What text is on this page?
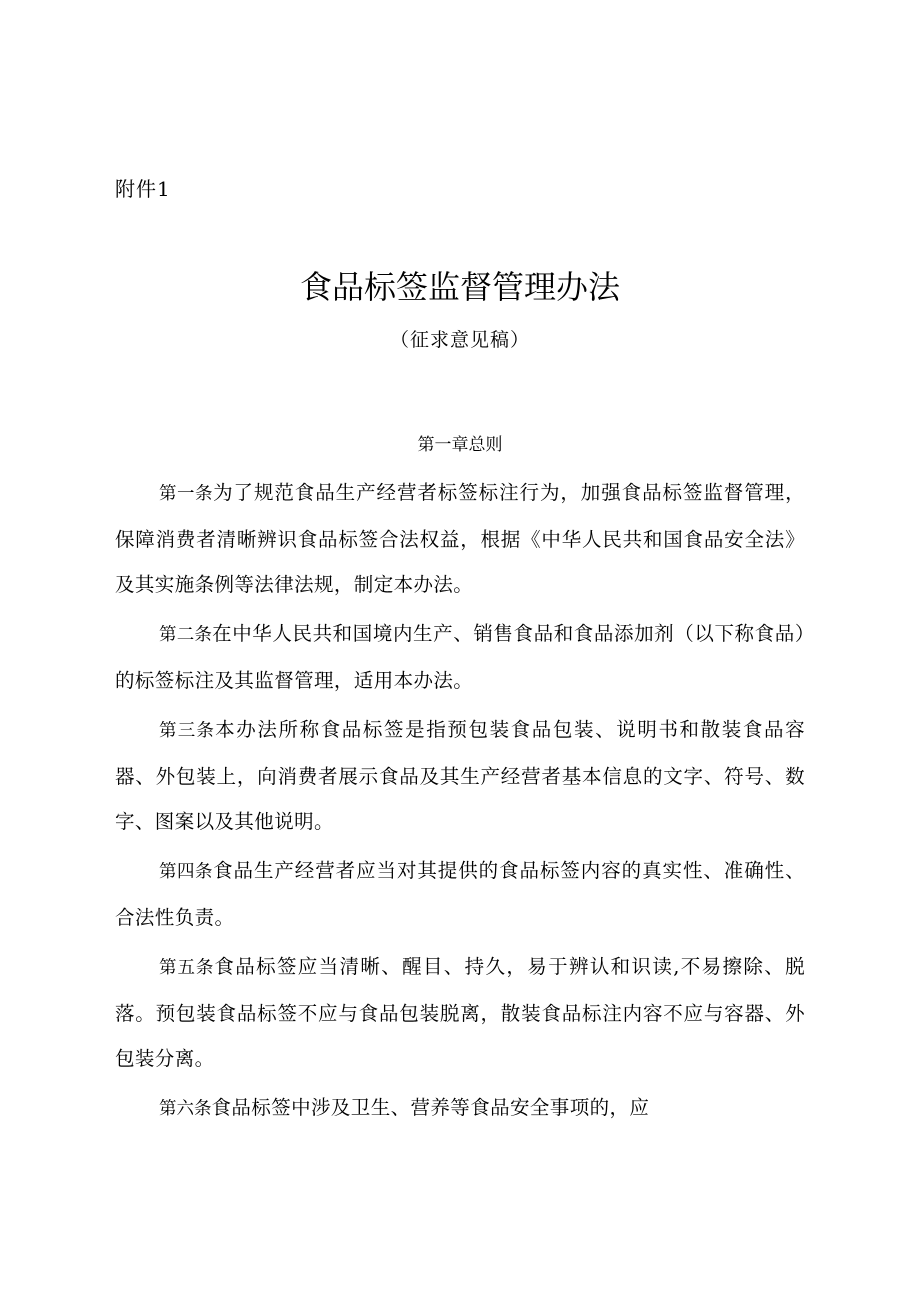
附件1
食品标签监督管理办法
（征求意见稿）
第一章总则

第一条为了规范食品生产经营者标签标注行为，加强食品标签监督管理，保障消费者清晰辨识食品标签合法权益，根据《中华人民共和国食品安全法》及其实施条例等法律法规，制定本办法。

第二条在中华人民共和国境内生产、销售食品和食品添加剂（以下称食品）的标签标注及其监督管理，适用本办法。

第三条本办法所称食品标签是指预包装食品包装、说明书和散装食品容器、外包装上，向消费者展示食品及其生产经营者基本信息的文字、符号、数字、图案以及其他说明。

第四条食品生产经营者应当对其提供的食品标签内容的真实性、准确性、合法性负责。

第五条食品标签应当清晰、醒目、持久，易于辨认和识读,不易擦除、脱落。预包装食品标签不应与食品包装脱离，散装食品标注内容不应与容器、外包装分离。

第六条食品标签中涉及卫生、营养等食品安全事项的，应
